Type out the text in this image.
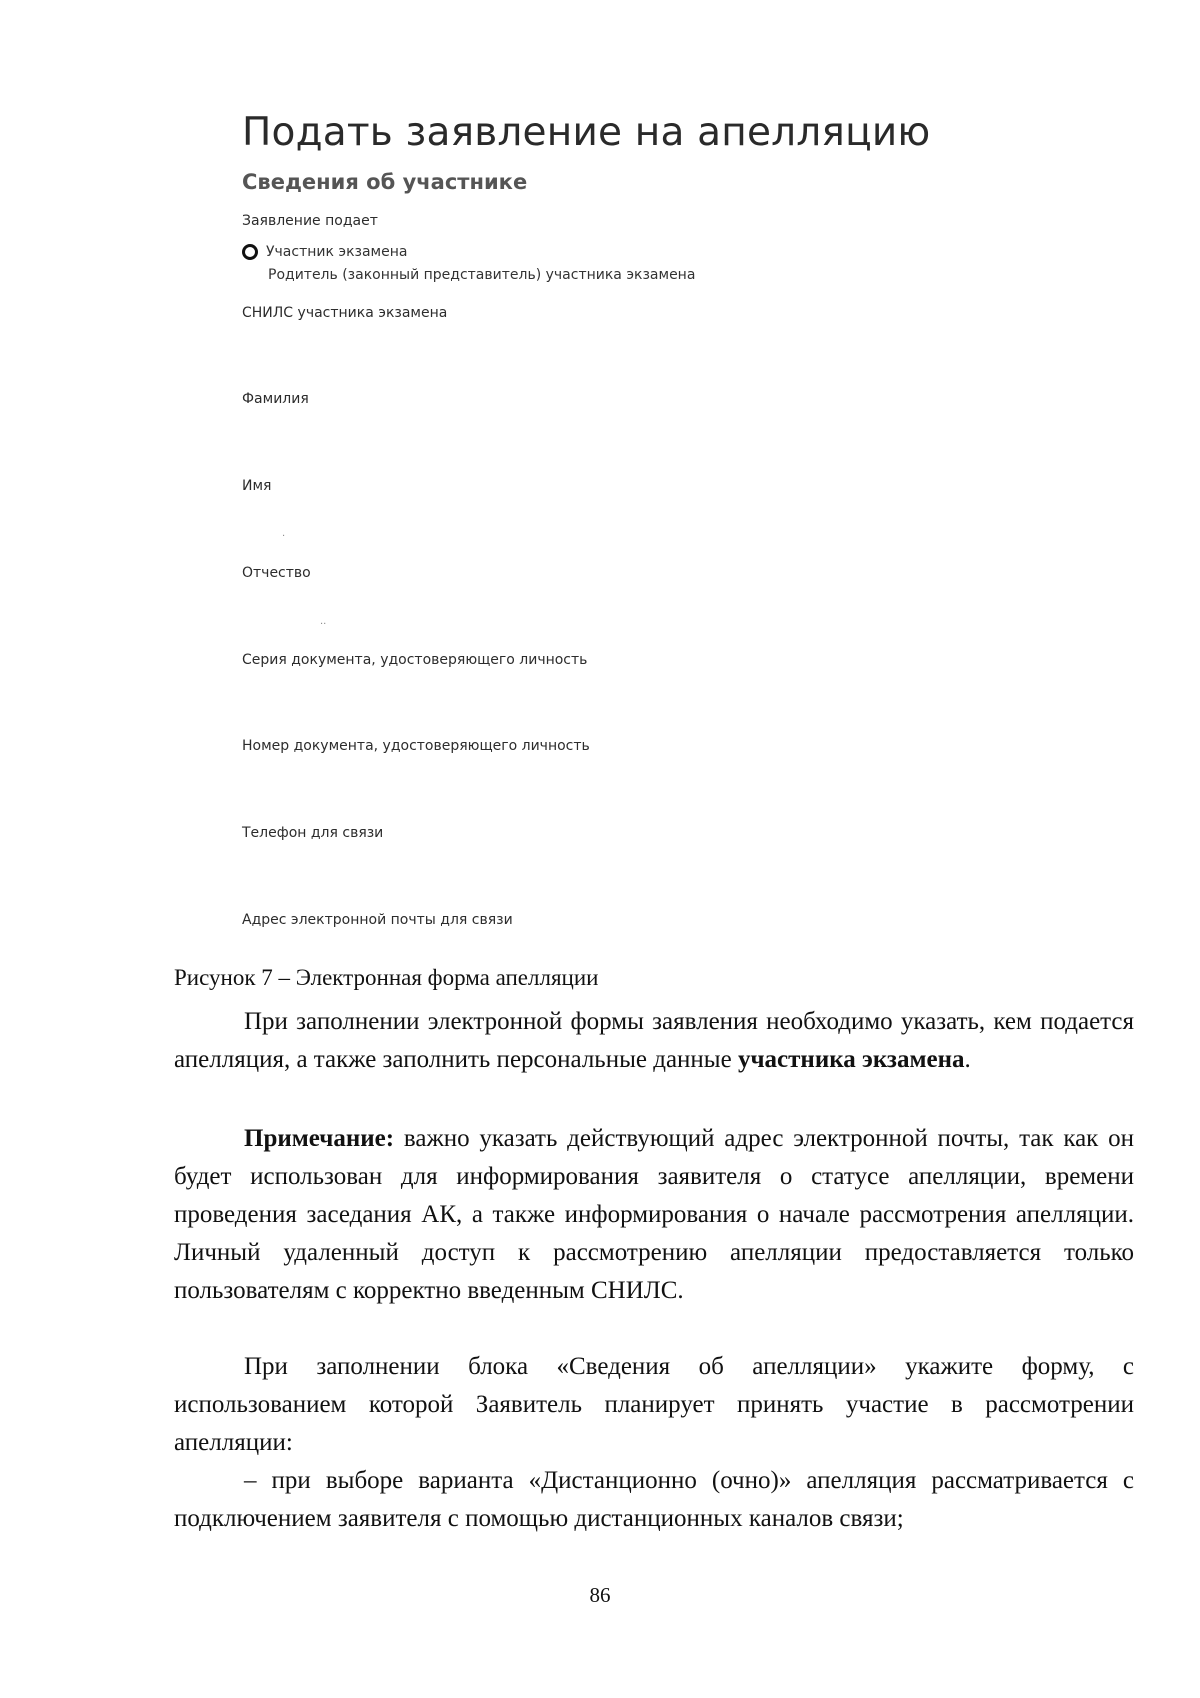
Подать заявление на апелляцию
Сведения об участнике
Заявление подает
Участник экзамена
Родитель (законный представитель) участника экзамена
СНИЛС участника экзамена
Фамилия
Имя
·
Отчество
··
Серия документа, удостоверяющего личность
Номер документа, удостоверяющего личность
Телефон для связи
Адрес электронной почты для связи
Рисунок 7 – Электронная форма апелляции

При заполнении электронной формы заявления необходимо указать, кем подается апелляция, а также заполнить персональные данные участника экзамена.

Примечание: важно указать действующий адрес электронной почты, так как он будет использован для информирования заявителя о статусе апелляции, времени проведения заседания АК, а также информирования о начале рассмотрения апелляции. Личный удаленный доступ к рассмотрению апелляции предоставляется только пользователям с корректно введенным СНИЛС.

При заполнении блока «Сведения об апелляции» укажите форму, с использованием которой Заявитель планирует принять участие в рассмотрении апелляции:

– при выборе варианта «Дистанционно (очно)» апелляция рассматривается с подключением заявителя с помощью дистанционных каналов связи;

86
